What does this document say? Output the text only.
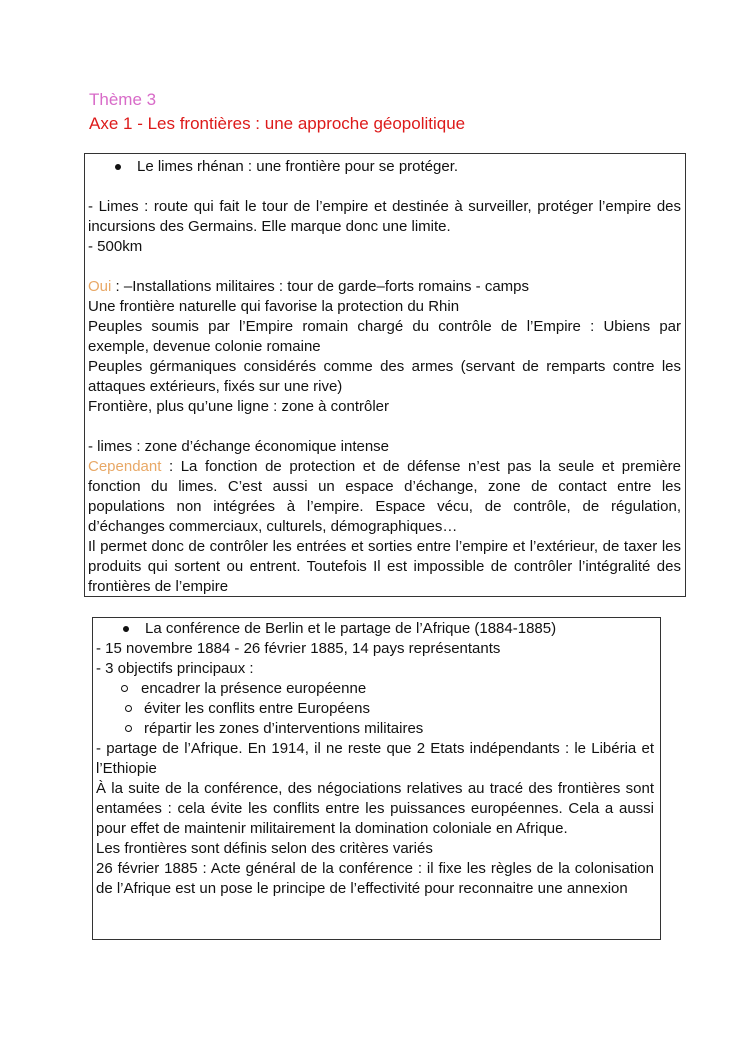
Thème 3
Axe 1 - Les frontières : une approche géopolitique
Le limes rhénan : une frontière pour se protéger.

- Limes : route qui fait le tour de l’empire et destinée à surveiller, protéger l’empire des incursions des Germains. Elle marque donc une limite.

- 500km

Oui : –Installations militaires : tour de garde–forts romains - camps

Une frontière naturelle qui favorise la protection du Rhin

Peuples soumis par l’Empire romain chargé du contrôle de l’Empire : Ubiens par exemple, devenue colonie romaine

Peuples gérmaniques considérés comme des armes (servant de remparts contre les attaques extérieurs, fixés sur une rive)

Frontière, plus qu’une ligne : zone à contrôler

- limes : zone d’échange économique intense

Cependant : La fonction de protection et de défense n’est pas la seule et première fonction du limes. C’est aussi un espace d’échange, zone de contact entre les populations non intégrées à l’empire. Espace vécu, de contrôle, de régulation, d’échanges commerciaux, culturels, démographiques…

Il permet donc de contrôler les entrées et sorties entre l’empire et l’extérieur, de taxer les produits qui sortent ou entrent. Toutefois Il est impossible de contrôler l’intégralité des frontières de l’empire

La conférence de Berlin et le partage de l’Afrique (1884-1885)

- 15 novembre 1884 - 26 février 1885, 14 pays représentants

- 3 objectifs principaux :

encadrer la présence européenne
éviter les conflits entre Européens
répartir les zones d’interventions militaires

- partage de l’Afrique. En 1914, il ne reste que 2 Etats indépendants : le Libéria et l’Ethiopie

À la suite de la conférence, des négociations relatives au tracé des frontières sont entamées : cela évite les conflits entre les puissances européennes. Cela a aussi pour effet de maintenir militairement la domination coloniale en Afrique.

Les frontières sont définis selon des critères variés

26 février 1885 : Acte général de la conférence : il fixe les règles de la colonisation de l’Afrique est un pose le principe de l’effectivité pour reconnaitre une annexion
